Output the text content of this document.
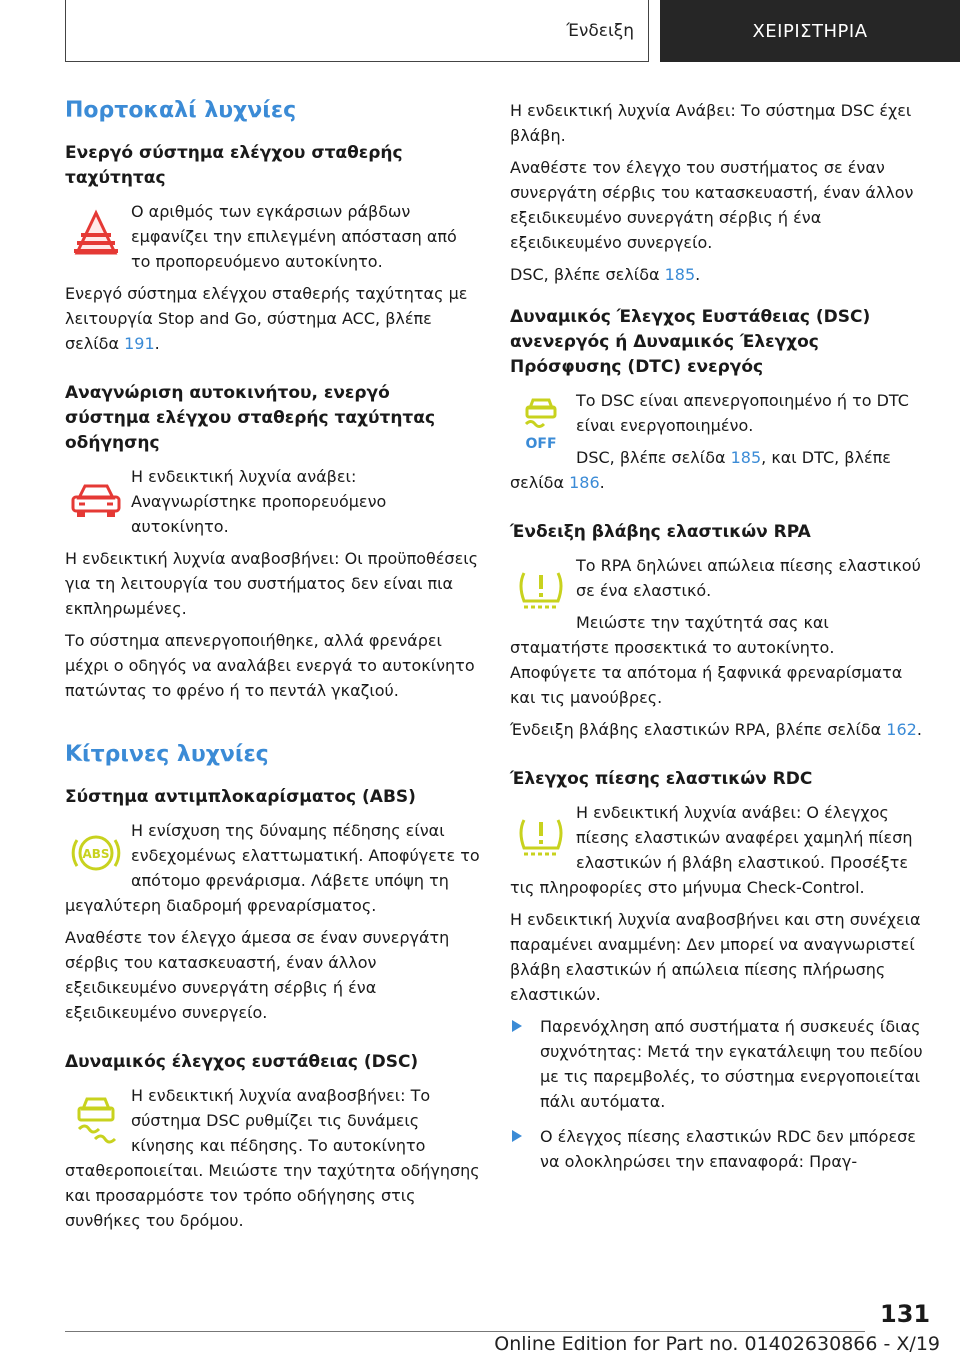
Ένδειξη	ΧΕΙΡΙΣΤΗΡΙΑ
Πορτοκαλί λυχνίες
Ενεργό σύστημα ελέγχου σταθερής ταχύτητας

Ο αριθμός των εγκάρσιων ράβδων εμφανίζει την επιλεγμένη απόσταση από το προπορευόμενο αυτοκίνητο.

Ενεργό σύστημα ελέγχου σταθερής ταχύτητας με λειτουργία Stop and Go, σύστημα ACC, βλέπε σελίδα 191.

Αναγνώριση αυτοκινήτου, ενεργό σύστημα ελέγχου σταθερής ταχύτητας οδήγησης

Η ενδεικτική λυχνία ανάβει: Αναγνωρίστηκε προπορευόμενο αυτοκίνητο.

Η ενδεικτική λυχνία αναβοσβήνει: Οι προϋποθέσεις για τη λειτουργία του συστήματος δεν είναι πια εκπληρωμένες.

Το σύστημα απενεργοποιήθηκε, αλλά φρενάρει μέχρι ο οδηγός να αναλάβει ενεργά το αυτοκίνητο πατώντας το φρένο ή το πεντάλ γκαζιού.

Κίτρινες λυχνίες
Σύστημα αντιμπλοκαρίσματος (ABS)
ABS

Η ενίσχυση της δύναμης πέδησης είναι ενδεχομένως ελαττωματική. Αποφύγετε το απότομο φρενάρισμα. Λάβετε υπόψη τη μεγαλύτερη διαδρομή φρεναρίσματος.

Αναθέστε τον έλεγχο άμεσα σε έναν συνεργάτη σέρβις του κατασκευαστή, έναν άλλον εξειδικευμένο συνεργάτη σέρβις ή ένα εξειδικευμένο συνεργείο.

Δυναμικός έλεγχος ευστάθειας (DSC)

Η ενδεικτική λυχνία αναβοσβήνει: Το σύστημα DSC ρυθμίζει τις δυνάμεις κίνησης και πέδησης. Το αυτοκίνητο σταθεροποιείται. Μειώστε την ταχύτητα οδήγησης και προσαρμόστε τον τρόπο οδήγησης στις συνθήκες του δρόμου.

Η ενδεικτική λυχνία Ανάβει: Το σύστημα DSC έχει βλάβη.

Αναθέστε τον έλεγχο του συστήματος σε έναν συνεργάτη σέρβις του κατασκευαστή, έναν άλλον εξειδικευμένο συνεργάτη σέρβις ή ένα εξειδικευμένο συνεργείο.

DSC, βλέπε σελίδα 185.

Δυναμικός Έλεγχος Ευστάθειας (DSC) ανενεργός ή Δυναμικός Έλεγχος Πρόσφυσης (DTC) ενεργός
OFF

Το DSC είναι απενεργοποιημένο ή το DTC είναι ενεργοποιημένο.

DSC, βλέπε σελίδα 185, και DTC, βλέπε σελίδα 186.

Ένδειξη βλάβης ελαστικών RPA

Το RPA δηλώνει απώλεια πίεσης ελαστικού σε ένα ελαστικό.

Μειώστε την ταχύτητά σας και σταματήστε προσεκτικά το αυτοκίνητο. Αποφύγετε τα απότομα ή ξαφνικά φρεναρίσματα και τις μανούβρες.

Ένδειξη βλάβης ελαστικών RPA, βλέπε σελίδα 162.

Έλεγχος πίεσης ελαστικών RDC

Η ενδεικτική λυχνία ανάβει: Ο έλεγχος πίεσης ελαστικών αναφέρει χαμηλή πίεση ελαστικών ή βλάβη ελαστικού. Προσέξτε τις πληροφορίες στο μήνυμα Check-Control.

Η ενδεικτική λυχνία αναβοσβήνει και στη συνέχεια παραμένει αναμμένη: Δεν μπορεί να αναγνωριστεί βλάβη ελαστικών ή απώλεια πίεσης πλήρωσης ελαστικών.

Παρενόχληση από συστήματα ή συσκευές ίδιας συχνότητας: Μετά την εγκατάλειψη του πεδίου με τις παρεμβολές, το σύστημα ενεργοποιείται πάλι αυτόματα.
Ο έλεγχος πίεσης ελαστικών RDC δεν μπόρεσε να ολοκληρώσει την επαναφορά: Πραγ-
131
Online Edition for Part no. 01402630866 - X/19
